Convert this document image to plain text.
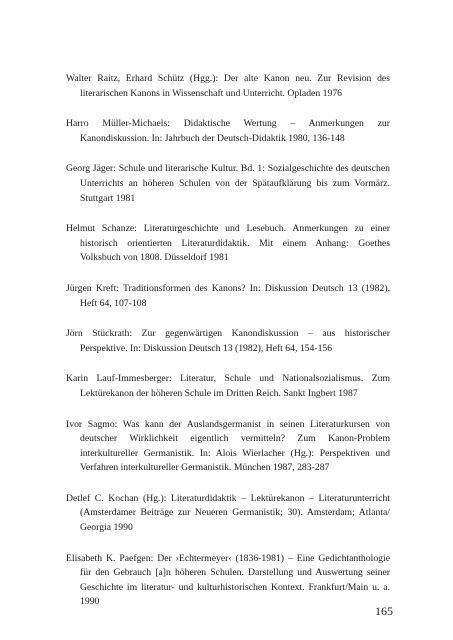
Walter Raitz, Erhard Schütz (Hgg.): Der alte Kanon neu. Zur Revision des literarischen Kanons in Wissenschaft und Unterricht. Opladen 1976

Harro Müller-Michaels: Didaktische Wertung – Anmerkungen zur Kanondiskussion. In: Jahrbuch der Deutsch-Didaktik 1980, 136-148

Georg Jäger: Schule und literarische Kultur. Bd. 1: Sozialgeschichte des deutschen Unterrichts an höheren Schulen von der Spätaufklärung bis zum Vormärz. Stuttgart 1981

Helmut Schanze: Literaturgeschichte und Lesebuch. Anmerkungen zu einer historisch orientierten Literaturdidaktik. Mit einem Anhang: Goethes Volksbuch von 1808. Düsseldorf 1981

Jürgen Kreft: Traditionsformen des Kanons? In: Diskussion Deutsch 13 (1982), Heft 64, 107-108

Jörn Stückrath: Zur gegenwärtigen Kanondiskussion – aus historischer Perspektive. In: Diskussion Deutsch 13 (1982), Heft 64, 154-156

Karin Lauf-Immesberger: Literatur, Schule und Nationalsozialismus. Zum Lektürekanon der höheren Schule im Dritten Reich. Sankt Ingbert 1987

Ivor Sagmo: Was kann der Auslandsgermanist in seinen Literaturkursen von deutscher Wirklichkeit eigentlich vermitteln? Zum Kanon-Problem interkultureller Germanistik. In: Alois Wierlacher (Hg.): Perspektiven und Verfahren interkultureller Germanistik. München 1987, 283-287

Detlef C. Kochan (Hg.): Literaturdidaktik – Lektürekanon – Literaturunterricht (Amsterdamer Beiträge zur Neueren Germanistik; 30). Amsterdam; Atlanta/ Georgia 1990

Elisabeth K. Paefgen: Der ›Echtermeyer‹ (1836-1981) – Eine Gedichtanthologie für den Gebrauch [a]n höheren Schulen. Darstellung und Auswertung seiner Geschichte im literatur- und kulturhistorischen Kontext. Frankfurt/Main u. a. 1990

165
